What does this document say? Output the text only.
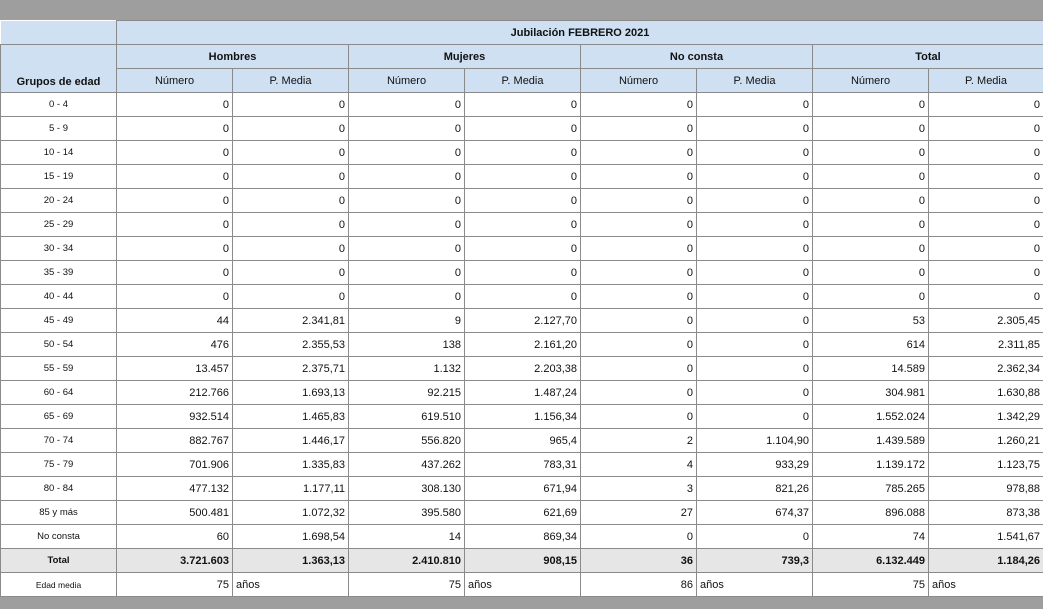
	Jubilación FEBRERO 2021							
Grupos de edad	Hombres		Mujeres		No consta		Total	
	Número	P. Media	Número	P. Media	Número	P. Media	Número	P. Media
0 - 4	0	0	0	0	0	0	0	0
5 - 9	0	0	0	0	0	0	0	0
10 - 14	0	0	0	0	0	0	0	0
15 - 19	0	0	0	0	0	0	0	0
20 - 24	0	0	0	0	0	0	0	0
25 - 29	0	0	0	0	0	0	0	0
30 - 34	0	0	0	0	0	0	0	0
35 - 39	0	0	0	0	0	0	0	0
40 - 44	0	0	0	0	0	0	0	0
45 - 49	44	2.341,81	9	2.127,70	0	0	53	2.305,45
50 - 54	476	2.355,53	138	2.161,20	0	0	614	2.311,85
55 - 59	13.457	2.375,71	1.132	2.203,38	0	0	14.589	2.362,34
60 - 64	212.766	1.693,13	92.215	1.487,24	0	0	304.981	1.630,88
65 - 69	932.514	1.465,83	619.510	1.156,34	0	0	1.552.024	1.342,29
70 - 74	882.767	1.446,17	556.820	965,4	2	1.104,90	1.439.589	1.260,21
75 - 79	701.906	1.335,83	437.262	783,31	4	933,29	1.139.172	1.123,75
80 - 84	477.132	1.177,11	308.130	671,94	3	821,26	785.265	978,88
85 y más	500.481	1.072,32	395.580	621,69	27	674,37	896.088	873,38
No consta	60	1.698,54	14	869,34	0	0	74	1.541,67
Total	3.721.603	1.363,13	2.410.810	908,15	36	739,3	6.132.449	1.184,26
Edad media	75	años	75	años	86	años	75	años
